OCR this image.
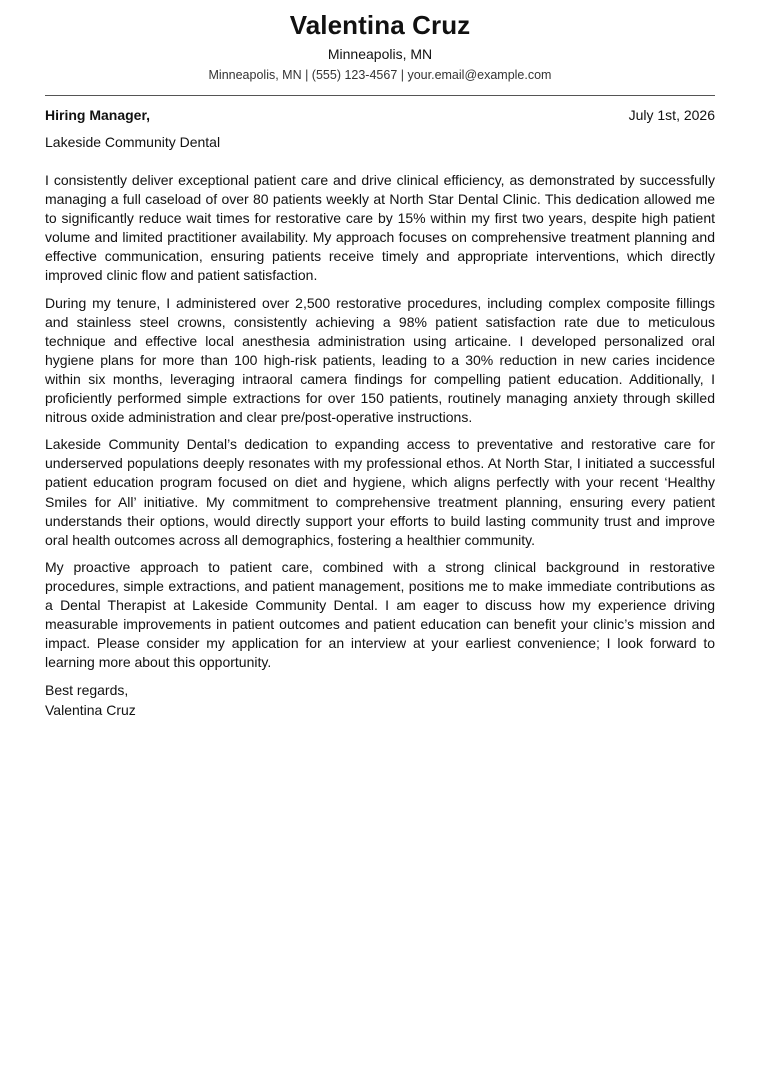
Valentina Cruz
Minneapolis, MN
Minneapolis, MN | (555) 123-4567 | your.email@example.com
Hiring Manager,	July 1st, 2026
Lakeside Community Dental

I consistently deliver exceptional patient care and drive clinical efficiency, as demonstrated by successfully managing a full caseload of over 80 patients weekly at North Star Dental Clinic. This dedication allowed me to significantly reduce wait times for restorative care by 15% within my first two years, despite high patient volume and limited practitioner availability. My approach focuses on comprehensive treatment planning and effective communication, ensuring patients receive timely and appropriate interventions, which directly improved clinic flow and patient satisfaction.

During my tenure, I administered over 2,500 restorative procedures, including complex composite fillings and stainless steel crowns, consistently achieving a 98% patient satisfaction rate due to meticulous technique and effective local anesthesia administration using articaine. I developed personalized oral hygiene plans for more than 100 high-risk patients, leading to a 30% reduction in new caries incidence within six months, leveraging intraoral camera findings for compelling patient education. Additionally, I proficiently performed simple extractions for over 150 patients, routinely managing anxiety through skilled nitrous oxide administration and clear pre/post-operative instructions.

Lakeside Community Dental’s dedication to expanding access to preventative and restorative care for underserved populations deeply resonates with my professional ethos. At North Star, I initiated a successful patient education program focused on diet and hygiene, which aligns perfectly with your recent ‘Healthy Smiles for All’ initiative. My commitment to comprehensive treatment planning, ensuring every patient understands their options, would directly support your efforts to build lasting community trust and improve oral health outcomes across all demographics, fostering a healthier community.

My proactive approach to patient care, combined with a strong clinical background in restorative procedures, simple extractions, and patient management, positions me to make immediate contributions as a Dental Therapist at Lakeside Community Dental. I am eager to discuss how my experience driving measurable improvements in patient outcomes and patient education can benefit your clinic’s mission and impact. Please consider my application for an interview at your earliest convenience; I look forward to learning more about this opportunity.

Best regards,
Valentina Cruz
